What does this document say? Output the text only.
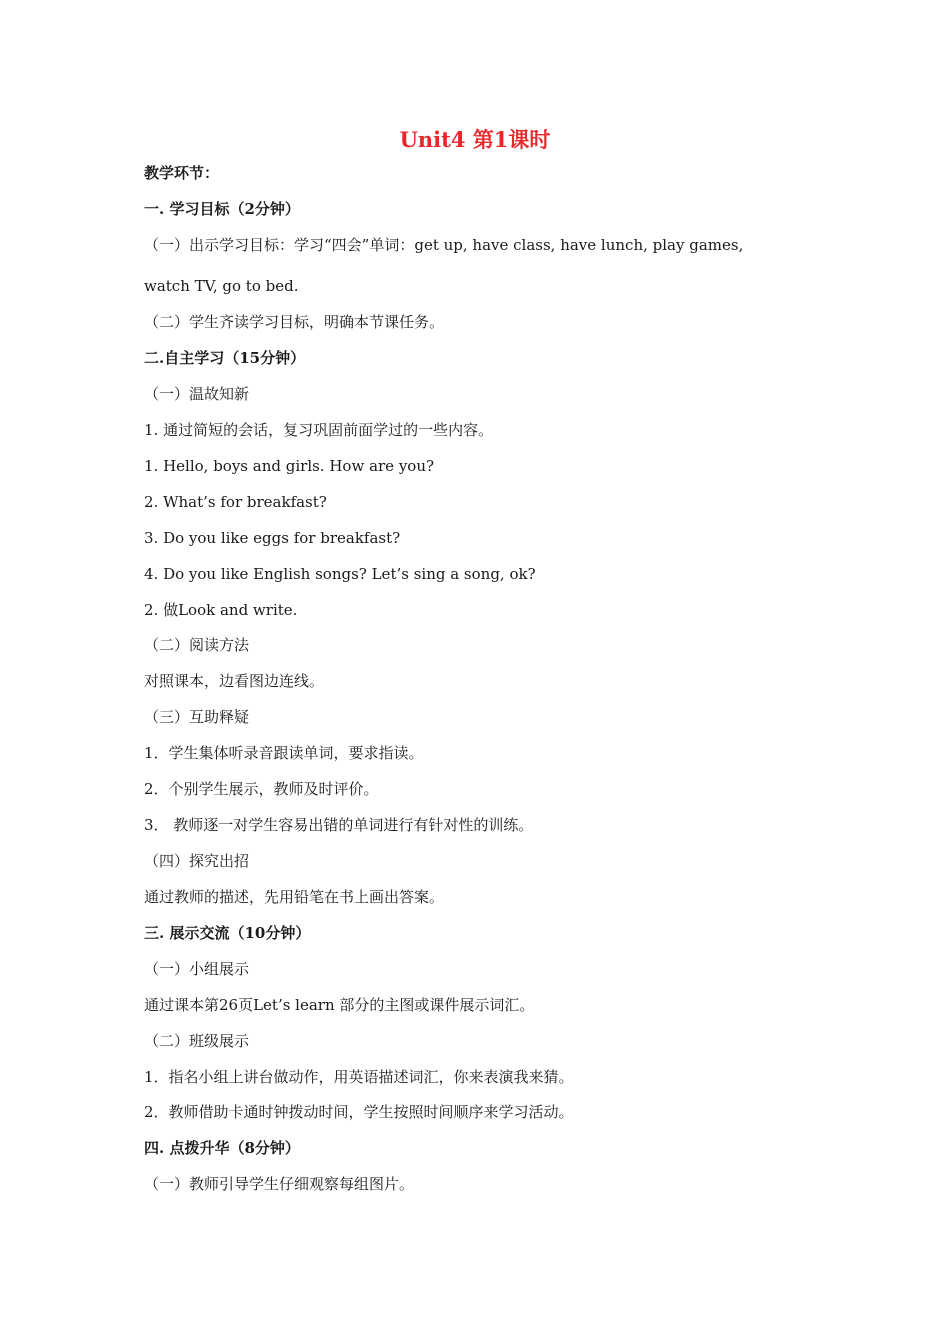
Unit4 第1课时
教学环节：
一. 学习目标（2分钟）
（一）出示学习目标：学习“四会”单词：get up, have class, have lunch, play games,
watch TV, go to bed.
（二）学生齐读学习目标，明确本节课任务。
二.自主学习（15分钟）
（一）温故知新
1. 通过简短的会话，复习巩固前面学过的一些内容。
1. Hello, boys and girls. How are you?
2. What’s for breakfast?
3. Do you like eggs for breakfast?
4. Do you like English songs? Let’s sing a song, ok?
2. 做Look and write.
（二）阅读方法
对照课本，边看图边连线。
（三）互助释疑
1．学生集体听录音跟读单词，要求指读。
2．个别学生展示，教师及时评价。
3． 教师逐一对学生容易出错的单词进行有针对性的训练。
（四）探究出招
通过教师的描述，先用铅笔在书上画出答案。
三. 展示交流（10分钟）
（一）小组展示
通过课本第26页Let’s learn 部分的主图或课件展示词汇。
（二）班级展示
1．指名小组上讲台做动作，用英语描述词汇，你来表演我来猜。
2．教师借助卡通时钟拨动时间，学生按照时间顺序来学习活动。
四. 点拨升华（8分钟）
（一）教师引导学生仔细观察每组图片。
